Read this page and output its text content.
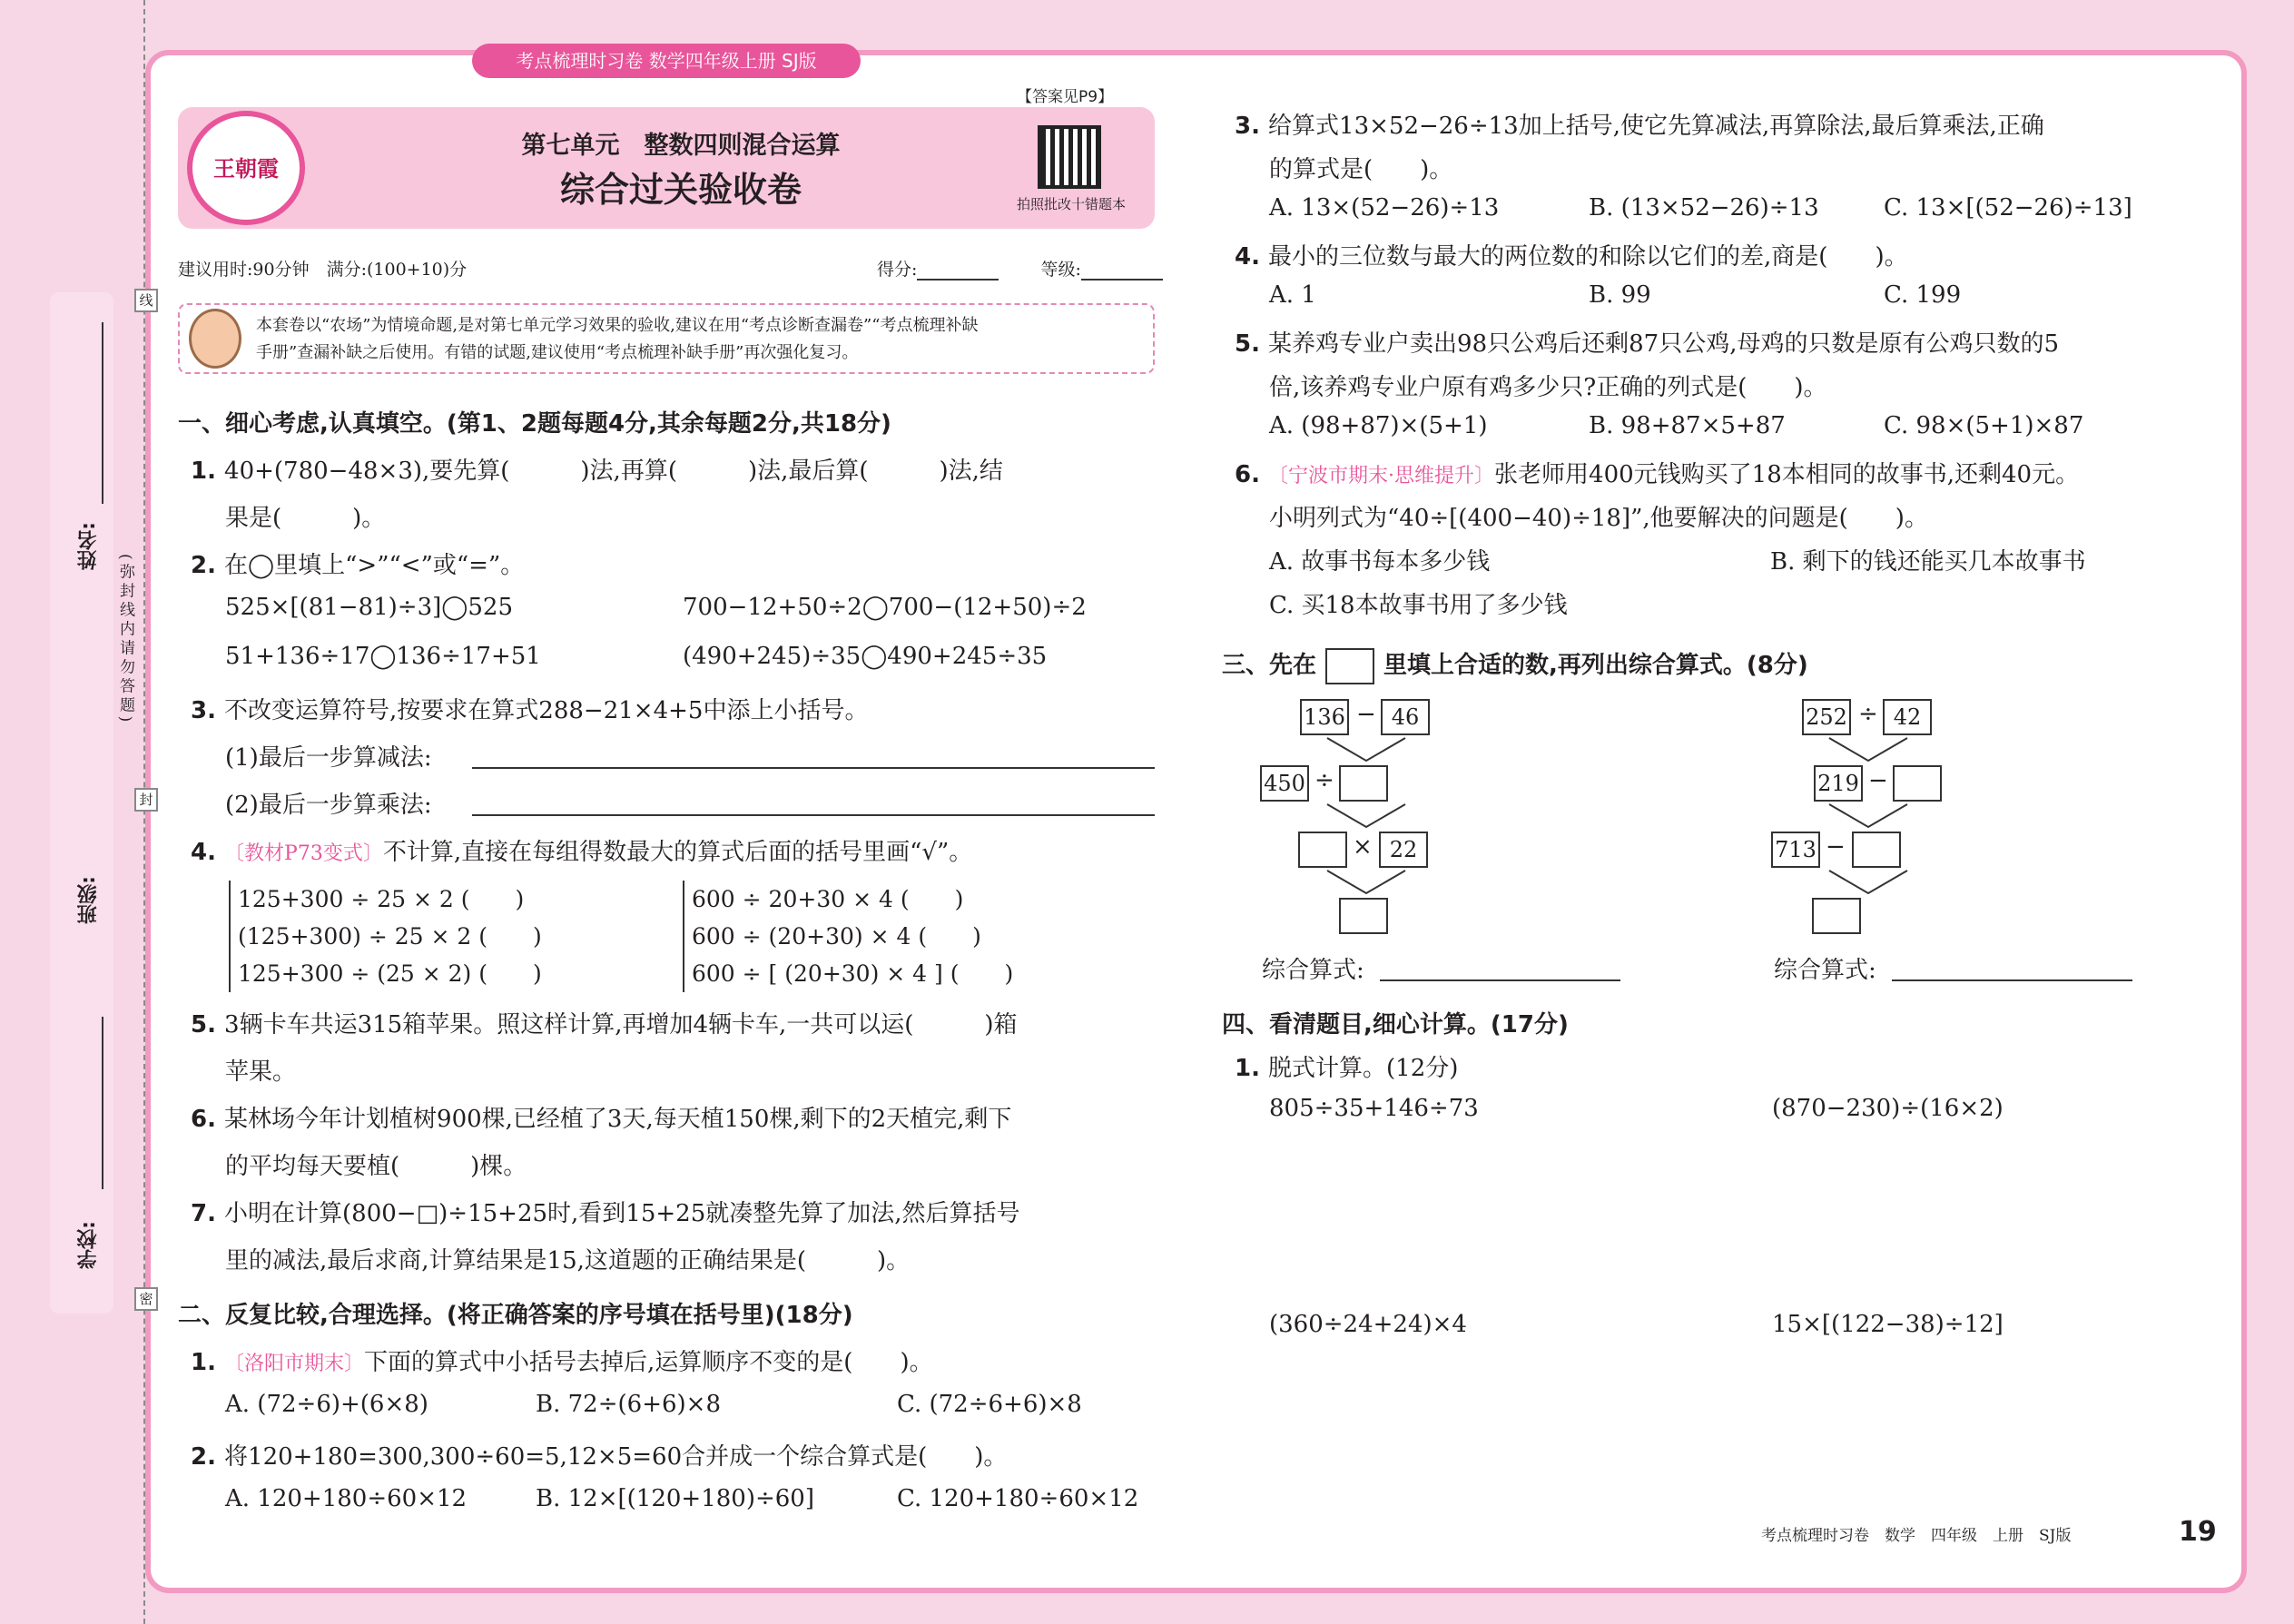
姓名:
班级:
学校:
(弥封线内请勿答题)
线
封
密
考点梳理时习卷 数学四年级上册 SJ版
王朝霞
【答案见P9】
第七单元　整数四则混合运算
综合过关验收卷	拍照批改十错题本
建议用时:90分钟　满分:(100+10)分	得分:	等级:
本套卷以“农场”为情境命题,是对第七单元学习效果的验收,建议在用“考点诊断查漏卷”“考点梳理补缺
手册”查漏补缺之后使用。有错的试题,建议使用“考点梳理补缺手册”再次强化复习。
一、细心考虑,认真填空。(第1、2题每题4分,其余每题2分,共18分)
1. 40+(780−48×3),要先算(　　　)法,再算(　　　)法,最后算(　　　)法,结
果是(　　　)。
2. 在◯里填上“>”“<”或“=”。
525×[(81−81)÷3]◯525	700−12+50÷2◯700−(12+50)÷2
51+136÷17◯136÷17+51	(490+245)÷35◯490+245÷35
3. 不改变运算符号,按要求在算式288−21×4+5中添上小括号。
(1)最后一步算减法:
(2)最后一步算乘法:
4. 〔教材P73变式〕不计算,直接在每组得数最大的算式后面的括号里画“√”。
125+300 ÷ 25 × 2 (　　)
(125+300) ÷ 25 × 2 (　　)
125+300 ÷ (25 × 2) (　　)
600 ÷ 20+30 × 4 (　　)
600 ÷ (20+30) × 4 (　　)
600 ÷ [ (20+30) × 4 ] (　　)
5. 3辆卡车共运315箱苹果。照这样计算,再增加4辆卡车,一共可以运(　　　)箱
苹果。
6. 某林场今年计划植树900棵,已经植了3天,每天植150棵,剩下的2天植完,剩下
的平均每天要植(　　　)棵。
7. 小明在计算(800−□)÷15+25时,看到15+25就凑整先算了加法,然后算括号
里的减法,最后求商,计算结果是15,这道题的正确结果是(　　　)。
二、反复比较,合理选择。(将正确答案的序号填在括号里)(18分)
1. 〔洛阳市期末〕下面的算式中小括号去掉后,运算顺序不变的是(　　)。
A. (72÷6)+(6×8)	B. 72÷(6+6)×8	C. (72÷6+6)×8
2. 将120+180=300,300÷60=5,12×5=60合并成一个综合算式是(　　)。
A. 120+180÷60×12	B. 12×[(120+180)÷60]	C. 120+180÷60×12
3. 给算式13×52−26÷13加上括号,使它先算减法,再算除法,最后算乘法,正确
的算式是(　　)。
A. 13×(52−26)÷13	B. (13×52−26)÷13	C. 13×[(52−26)÷13]
4. 最小的三位数与最大的两位数的和除以它们的差,商是(　　)。
A. 1	B. 99	C. 199
5. 某养鸡专业户卖出98只公鸡后还剩87只公鸡,母鸡的只数是原有公鸡只数的5
倍,该养鸡专业户原有鸡多少只?正确的列式是(　　)。
A. (98+87)×(5+1)	B. 98+87×5+87	C. 98×(5+1)×87
6. 〔宁波市期末·思维提升〕张老师用400元钱购买了18本相同的故事书,还剩40元。
小明列式为“40÷[(400−40)÷18]”,他要解决的问题是(　　)。
A. 故事书每本多少钱	B. 剩下的钱还能买几本故事书
C. 买18本故事书用了多少钱
三、先在	里填上合适的数,再列出综合算式。(8分)
136 − 46
450 ÷
× 22
综合算式:
252 ÷ 42
219 −
713 −
综合算式:
四、看清题目,细心计算。(17分)
1. 脱式计算。(12分)
805÷35+146÷73	(870−230)÷(16×2)
(360÷24+24)×4	15×[(122−38)÷12]
考点梳理时习卷　数学　四年级　上册　SJ版	19
